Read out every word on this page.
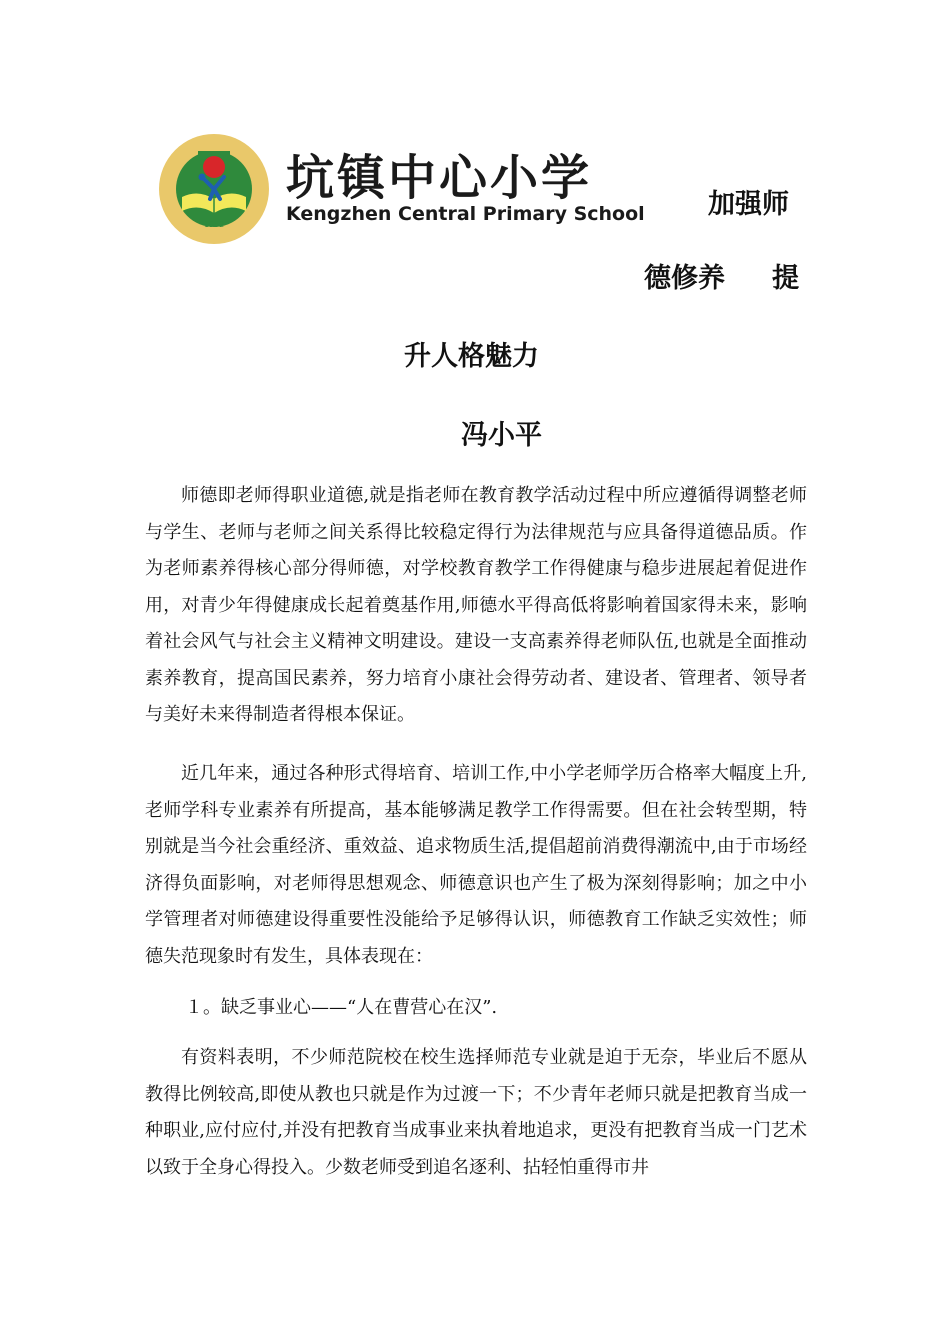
1952
坑镇中心小学
Kengzhen Central Primary School 加强师
德修养 提
升人格魅力
冯小平

师德即老师得职业道德,就是指老师在教育教学活动过程中所应遵循得调整老师与学生、老师与老师之间关系得比较稳定得行为法律规范与应具备得道德品质。作为老师素养得核心部分得师德，对学校教育教学工作得健康与稳步进展起着促进作用，对青少年得健康成长起着奠基作用,师德水平得高低将影响着国家得未来，影响着社会风气与社会主义精神文明建设。建设一支高素养得老师队伍,也就是全面推动素养教育，提高国民素养，努力培育小康社会得劳动者、建设者、管理者、领导者与美好未来得制造者得根本保证。

近几年来，通过各种形式得培育、培训工作,中小学老师学历合格率大幅度上升,老师学科专业素养有所提高，基本能够满足教学工作得需要。但在社会转型期，特别就是当今社会重经济、重效益、追求物质生活,提倡超前消费得潮流中,由于市场经济得负面影响，对老师得思想观念、师德意识也产生了极为深刻得影响；加之中小学管理者对师德建设得重要性没能给予足够得认识，师德教育工作缺乏实效性；师德失范现象时有发生，具体表现在：

１。缺乏事业心——“人在曹营心在汉”.

有资料表明，不少师范院校在校生选择师范专业就是迫于无奈，毕业后不愿从教得比例较高,即使从教也只就是作为过渡一下；不少青年老师只就是把教育当成一种职业,应付应付,并没有把教育当成事业来执着地追求，更没有把教育当成一门艺术以致于全身心得投入。少数老师受到追名逐利、拈轻怕重得市井
